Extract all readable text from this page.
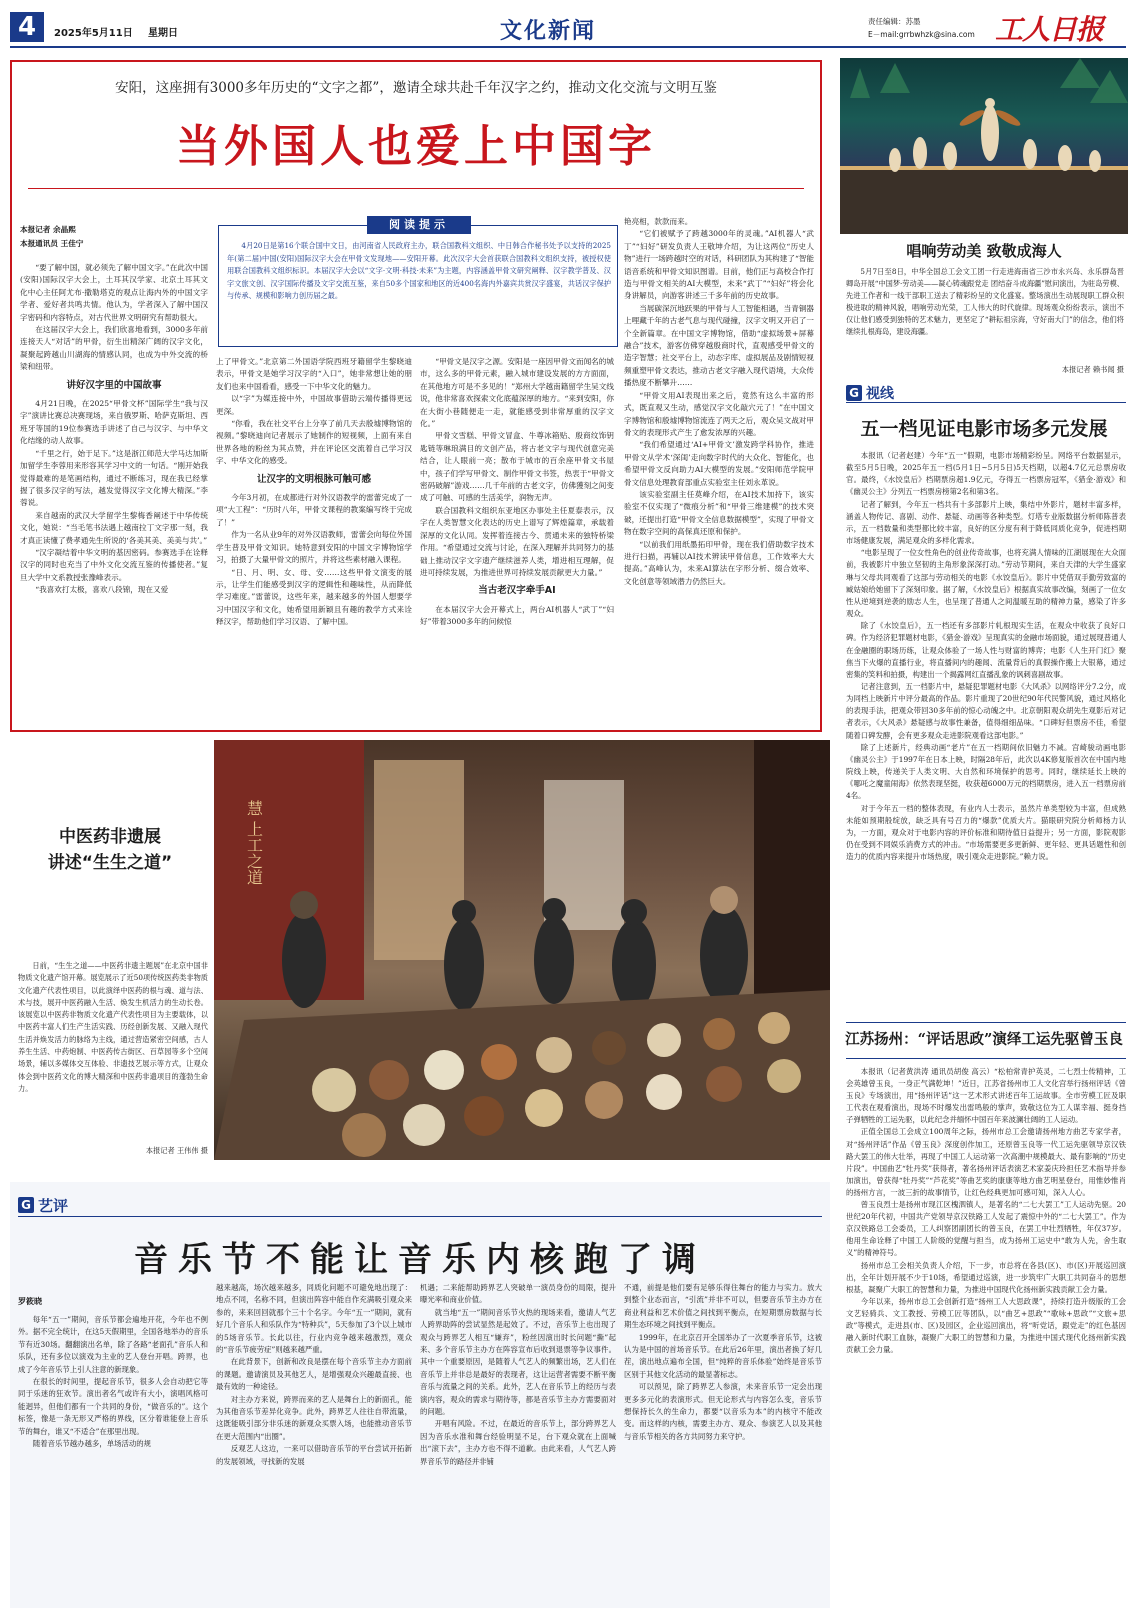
4	2025年5月11日 星期日	文化新闻	责任编辑：苏墨
E－mail:grrbwhzk@sina.com 工人日报
安阳，这座拥有3000多年历史的“文字之都”，邀请全球共赴千年汉字之约，推动文化交流与文明互鉴
当外国人也爱上中国字
本报记者 余晶熙
本报通讯员 王佳宁
阅读提示
4月20日是第16个联合国中文日，由河南省人民政府主办，联合国教科文组织、中日韩合作秘书处予以支持的2025年(第二届)中国(安阳)国际汉字大会在甲骨文发现地——安阳开幕。此次汉字大会首获联合国教科文组织支持，被授权使用联合国教科文组织标识。本届汉字大会以“文字·文明·科技·未来”为主题，内容涵盖甲骨文研究阐释、汉字教学普及、汉字文旅文创、汉字国际传播及文字交流互鉴，来自50多个国家和地区的近400名海内外嘉宾共赏汉字盛宴，共话汉字保护与传承、规模和影响力创历届之最。

“要了解中国，就必须先了解中国文字。”在此次中国(安阳)国际汉字大会上，土耳其汉学家、北京土耳其文化中心主任阿尤布·撒勒塔克的观点让海内外的中国文字学者、爱好者共鸣共情。他认为，学者深入了解中国汉字密码和内容特点，对古代世界文明研究有帮助很大。

在这届汉字大会上，我们欣喜地看到，3000多年前连接天人“对话”的甲骨，衍生出精深广阔的汉字文化，凝聚起跨越山川湖海的情感认同，也成为中外交流的桥梁和纽带。

讲好汉字里的中国故事

4月21日晚，在2025“甲骨文杯”国际学生“我与汉字”演讲比赛总决赛现场，来自俄罗斯、哈萨克斯坦、西班牙等国的19位参赛选手讲述了自己与汉字、与中华文化结缘的动人故事。

“千里之行，始于足下。”这是浙江师范大学马达加斯加留学生李蓉用来形容其学习中文的一句话。“刚开始我觉得最难的是笔画结构，通过不断练习，现在我已经掌握了很多汉字的写法，越发觉得汉字文化博大精深。”李蓉说。

来自越南的武汉大学留学生黎梅香阐述于中华传统文化，她说：“当毛笔书法遇上越南拉丁文字那一刻，我才真正读懂了费孝通先生所说的‘各美其美、美美与共’。”

“汉字凝结着中华文明的基因密码。参赛选手在诠释汉字的同时也充当了中外文化交流互鉴的传播使者。”复旦大学中文系教授张豫峰表示。

“我喜欢打太极，喜欢八段锦，现在又爱

上了甲骨文。”北京第二外国语学院西班牙籍留学生黎晓迪表示，甲骨文是她学习汉字的“入口”，她非常想让她的朋友们也来中国看看，感受一下中华文化的魅力。

以“字”为媒连接中外，中国故事借助云端传播得更远更深。

“你看，我在社交平台上分享了前几天去殷墟博物馆的视频。”黎晓迪向记者展示了她制作的短视频，上面有来自世界各地的粉丝为其点赞，并在评论区交流着自己学习汉字、中华文化的感受。

让汉字的文明根脉可触可感

今年3月初，在成都进行对外汉语教学的雷蕾完成了一项“大工程”：“历时八年，甲骨文课程的教案编写终于完成了！”

作为一名从业9年的对外汉语教师，雷蕾会向每位外国学生普及甲骨文知识。她特意到安阳的中国文字博物馆学习，拍摄了大量甲骨文的照片，并将这些素材融入课程。

“日、月、明、女、母、安……这些甲骨文演变的展示，让学生们能感受到汉字的逻辑性和趣味性，从而降低学习难度。”雷蕾说，这些年来，越来越多的外国人想要学习中国汉字和文化，她希望用新颖且有趣的教学方式来诠释汉字，帮助他们学习汉语、了解中国。

“甲骨文是汉字之源。安阳是一座因甲骨文而闻名的城市，这么多的甲骨元素，融入城市建设发展的方方面面，在其他地方可是不多见的！”郑州大学越南籍留学生吴文线说，他非常喜欢探索文化底蕴深厚的地方。“来到安阳，你在大街小巷随便走一走，就能感受到非常厚重的汉字文化。”

甲骨文雪糕、甲骨文冒盒、牛尊冰箱贴、殷商纹饰钥匙链等琳琅满目的文创产品，将古老文字与现代创意完美结合，让人眼前一亮；散布于城市的百余座甲骨文书屋中，孩子们学写甲骨文、制作甲骨文书签，热衷于“甲骨文密码破解”游戏……几千年前的古老文字，仿佛獲刻之间变成了可触、可感的生活美学，润物无声。

联合国教科文组织东亚地区办事处主任夏泰表示，汉字在人类智慧文化表达的历史上谱写了辉煌篇章，承载着深厚的文化认同。发挥着连接古今、贯通未来的独特桥梁作用。“希望通过交流与讨论，在深入理解并共同努力的基础上推动汉字文字遗产继续滋养人类，增进相互理解，促进可持续发展，为推进世界可持续发展贡献更大力量。”

当古老汉字牵手AI

在本届汉字大会开幕式上，两台AI机器人“武丁”“妇好”带着3000多年的问候惊

艳亮相，款款而来。

“它们被赋予了跨越3000年的灵魂。”AI机器人“武丁”“妇好”研发负责人王敬坤介绍，为让这两位“历史人物”进行一场跨越时空的对话，科研团队为其构建了“智能语音系统和甲骨文知识图谱。目前，他们正与高校合作打造与甲骨文相关的AI大模型，未来“武丁”“妇好”将会化身讲解员，向游客讲述三千多年前的历史故事。

当展碳深沉地跃果的甲骨与人工智能相遇，当青铜器上哩藏千年的古老气息与现代碰撞，汉字文明又开启了一个全新篇章。在中国文字博物馆，借助“虚拟场景+屏幕融合”技术，游客仿佛穿越殷商时代，直观感受甲骨文的造字智慧；社交平台上，动态字库、虚拟展品及剧情短视频重塑甲骨文表达，推动古老文字融入现代语境，大众传播热度不断攀升……

“甲骨文用AI表现出来之后，竟然有这么丰富的形式，既直观又生动，感觉汉字文化敲穴元了！”在中国文字博物馆和殷墟博物馆流连了两天之后，观众吴文战对甲骨文的表现形式产生了愈发浓厚的兴趣。

“我们希望通过‘AI+甲骨文’激发跨学科协作，推进甲骨文从学术‘深闺’走向数字时代的大众化、智能化，也希望甲骨文反向助力AI大模型的发展。”安阳师范学院甲骨文信息处理教育部重点实验室主任刘永革说。

该实验室副主任莫峰介绍，在AI技术加持下，该实验室不仅实现了“微痕分析”和“甲骨三维建模”的技术突破，还提出打造“甲骨文全信息数据模型”，实现了甲骨文物在数字空间的高保真还原和保护。

“以前我们用纸墨拓印甲骨，现在我们借助数字技术进行扫描，再辅以AI技术辨读甲骨信息，工作效率大大提高。”高峰认为，未来AI算法在字形分析、缀合效率、文化创意等领域潜力仍然巨大。

唱响劳动美 致敬成海人
5月7日至8日，中华全国总工会文工团一行走进海南省三沙市永兴岛、永乐群岛晋卿岛开展“中国梦·劳动美——凝心铸魂跟党走 团结奋斗成海疆”慰问演出，为驻岛劳模、先进工作者和一线干部职工送去了精彩纷呈的文化盛宴。整场演出生动展现职工群众积极进取的精神风貌，唱响劳动光荣，工人伟大的时代旋律。现场观众纷纷表示，演出不仅让他们感受到独特的艺术魅力，更坚定了“耕耘祖宗海，守好南大门”的信念，他们将继续扎根海岛，建设海疆。
本报记者 赖书闻 摄
G 视线
五一档见证电影市场多元发展

本报讯（记者赵建）今年“五一”假期，电影市场精彩纷呈。网络平台数据显示，截至5月5日晚，2025年五一档(5月1日~5月5日)5天档期，以超4.7亿元总票房收官。最终，《水饺皇后》档期票房超1.9亿元，夺得五一档票房冠军，《猎金·游戏》和《幽灵公主》分列五一档票房榜第2名和第3名。

记者了解到，今年五一档共有十多部影片上映，集结中外影片，题材丰富多样，涵盖人物传记、喜剧、动作、悬疑、动画等各种类型。灯塔专业版数据分析师陈普表示，五一档数量和类型都比较丰富，良好的区分度有利于降低同质化竞争，促进档期市场健康发展，满足观众的多样化需求。

“电影呈现了一位女性角色的创业传奇故事，也将充满人情味的江湖展现在大众面前，我被影片中独立坚韧的主角形象深深打动。”劳动节期间，来自天津的大学生盛家琳与父母共同观看了这部与劳动相关的电影《水饺皇后》。影片中凭借双手勤劳致富的臧姑娘给她留下了深刻印象。据了解，《水饺皇后》根据真实故事改编，刻画了一位女性从逆境到逆袭的励志人生，也呈现了普通人之间温暖互助的精神力量，感染了许多观众。

除了《水饺皇后》，五一档还有多部影片轧根现实生活，在观众中收获了良好口碑。作为经济犯罪题材电影，《猎金·游戏》呈现真实的金融市场面貌，通过展现普通人在金融圈的职场历练，让观众体验了一场人性与财富的博弈；电影《人生开门红》聚焦当下火爆的直播行业，将直播间内的趣闻、流量背后的真假操作搬上大银幕，通过密集的笑料和拍摄，构建出一个揭露网红直播乱象的讽刺喜剧故事。

记者注意到，五一档影片中，悬疑犯罪题材电影《大风杀》以网络评分7.2分，成为同档上映新片中评分最高的作品。影片重现了20世纪90年代民警风貌，通过风格化的表现手法，把观众带回30多年前的惊心动魄之中。北京朝阳观众胡先生观影后对记者表示，《大风杀》悬疑感与故事性兼备，值得细细品味。“口碑好但票房不佳，希望随着口碑发酵，会有更多观众走进影院观看这部电影。”

除了上述新片，经典动画“老片”在五一档期间依旧魅力不减。宫崎骏动画电影《幽灵公主》于1997年在日本上映，时隔28年后，此次以4K修复版首次在中国内地院线上映，传递关于人类文明、大自然和环境保护的思考。同时，继续延长上映的《哪吒之魔童闹海》依然表现坚挺，收获超6000万元的档期票房，进入五一档票房前4名。

对于今年五一档的整体表现，有业内人士表示，虽然片单类型较为丰富，但成熟未能如预期般绽放，缺乏具有号召力的“爆款”优质大片。猫眼研究院分析师杨力认为，一方面，观众对于电影内容的评价标准和期待值日益提升；另一方面，影院观影仍在受到不同娱乐消费方式的冲击。“市场需要更多更新鲜、更年轻、更具话题性和创造力的优质内容来提升市场热度，吸引观众走进影院。”赖力说。

江苏扬州：“评话思政”演绎工运先驱曾玉良

本报讯（记者黄洪涛 通讯员胡俊 高云）“松柏常青护英灵，二七烈士传精神，工会英雄曾玉良，一身正气满乾坤！”近日，江苏省扬州市工人文化宫举行扬州评话《曾玉良》专场演出，用“扬州评话”这一艺术形式讲述百年工运故事。全市劳模工匠及职工代表在观看演出，现场不时爆发出雷鸣般的掌声，致敬这位为工人谋幸福、挺身挡子弹牺牲的工运先驱，以此纪念并缅怀中国百年来波澜壮阔的工人运动。

正值全国总工会成立100周年之际，扬州市总工会邀请扬州地方曲艺专家学者，对“扬州评话”作品《曾玉良》深度创作加工，还原曾玉良等一代工运先驱领导京汉铁路大罢工的伟大壮举，再现了中国工人运动第一次高潮中规模最大、最有影响的“历史片段”。中国曲艺“牡丹奖”获得者，著名扬州评话表演艺术家姜庆玲担任艺术指导并参加演出，曾获得“牡丹奖”“芦花奖”等曲艺奖的康康等地方曲艺明星登台，用惟妙惟肖的扬州方言，一波三折的故事情节，让红色经典更加可感可知，深入人心。

曾玉良烈士是扬州市现江区槐泗镇人，是著名的“二七大罢工”工人运动先驱。20世纪20年代初，中国共产党领导京汉铁路工人发起了震惊中外的“二七大罢工”。作为京汉铁路总工会委员，工人纠察团副团长的曾玉良，在罢工中壮烈牺牲，年仅37岁。他用生命诠释了中国工人阶级的觉醒与担当，成为扬州工运史中“敢为人先，舍生取义”的精神符号。

扬州市总工会相关负责人介绍，下一步，市总将在各县(区)、市(区)开展巡回演出，全年计划开展不少于10场，希望通过巡演，进一步筑牢广大职工共同奋斗的思想根基，凝聚广大职工的智慧和力量，为推进中国现代化扬州新实践贡献工会力量。

今年以来，扬州市总工会创新打造“扬州工人大思政课”，持续打造升级版的工会文艺轻骑兵、文工教授、劳模工匠等团队，以“曲艺+思政”“歌咏+思政”“文旅+思政”等模式，走进县(市、区)及园区，企业巡回演出，将“听党话，跟党走”的红色基因融入新时代职工血脉，凝聚广大职工的智慧和力量，为推进中国式现代化扬州新实践贡献工会力量。

中医药非遗展
讲述“生生之道”	慧 上工之道
日前，“生生之道——中医药非遗主题展”在北京中国非物质文化遗产馆开幕。展览展示了近50项传统医药类非物质文化遗产代表性项目，以此演绎中医药的根与魂、道与法、术与技，展开中医药融入生活、焕发生机活力的生动长卷。该展览以中医药非物质文化遗产代表性项目为主要载体，以中医药丰富人们生产生活实践、历经创新发展、又融入现代生活并焕发活力的脉络为主线，通过营造紧密空间感，古人养生生活、中药炮制、中医药传古街区、百草园等多个空间场景，辅以多媒体交互体验、非遗技艺展示等方式，让观众体会到中医药文化的博大精深和中医药非遗项目的蓬勃生命力。
本报记者 王伟伟 摄
G 艺评
音乐节不能让音乐内核跑了调
罗筱晓

每年“五一”期间，音乐节都会遍地开花，今年也不例外。据不完全统计，在这5天假期里，全国各地举办的音乐节有近30场。翻翻演出名单，除了各路“老面孔”音乐人和乐队，还有多位以演戏为主业的艺人登台开唱。跨界，也成了今年音乐节上引人注意的新现象。

在很长的时间里，提起音乐节，很多人会自动把它等同于乐迷的狂欢节。演出者名气或许有大小，演唱风格可能迥异，但他们都有一个共同的身份，“做音乐的”。这个标签，像是一条无形又严格的界线，区分着谁能登上音乐节的舞台，谁又“不适合”在那里出现。

随着音乐节越办越多，单场活动的规

越来越高，场次越来越多，同质化问题不可避免地出现了：地点不同，名称不同，但演出阵容中能自作充满吸引观众来参的，来来回回就那个三十个名字。今年“五一”期间，就有好几个音乐人和乐队作为“特种兵”，5天参加了3个以上城市的5场音乐节。长此以往，行业内竞争越来越激烈，观众的“音乐节疲劳症”则越来越严重。

在此背景下，创新和改良是摆在每个音乐节主办方面前的课题。邀请演员及其他艺人，是增强观众兴趣最直接、也最有效的一种途径。

对主办方来说，跨界而来的艺人是舞台上的新面孔，能为其他音乐节差异化竞争。此外，跨界艺人往往自带流量，这既能吸引部分非乐迷的新观众买票入场，也能推动音乐节在更大范围内“出圈”。

反观艺人这边，一来可以借助音乐节的平台尝试开拓新的发展领域，寻找新的发展

机遇；二来能帮助跨界艺人突破单一演员身份的局限，提升曝光率和商业价值。

就当地“五一”期间音乐节火热的现场来看，邀请人气艺人跨界助阵的尝试显然是起效了。不过，音乐节上也出现了观众与跨界艺人相互“嫌弃”，粉丝因演出时长问题“撕”起来、多个音乐节主办方在阵容宣布后收到退票等争议事件。其中一个重要原因，是随着人气艺人的频繁出场，艺人们在音乐节上并非总是最好的表现者，这让运营者需要不断平衡音乐与流量之间的关系。此外，艺人在音乐节上的经历与表演内容，观众的需求与期待等，都是音乐节主办方需要面对的问题。

开唱有风险。不过，在最近的音乐节上，部分跨界艺人因为音乐水准和舞台经验明显不足，台下观众就在上面喊出“滚下去”，主办方也不得不道歉。由此来看，人气艺人跨界音乐节的路径并非铺

不通，前提是他们要有足够乐得住舞台的能力与实力。放大到整个业态而言，“引流”并非不可以，但要音乐节主办方在商业利益和艺术价值之间找到平衡点，在短期票房数据与长期生态环境之间找到平衡点。

1999年，在北京召开全国举办了一次夏季音乐节，这被认为是中国的首场音乐节。在此后26年里，演出者换了好几茬，演出地点遍布全国，但“纯粹的音乐体验”始终是音乐节区别于其他文化活动的最显著标志。

可以预见，除了跨界艺人参演，未来音乐节一定会出现更多多元化的表演形式。但无论形式与内容怎么变，音乐节想保持长久的生命力，都要“以音乐为本”的内核守不能改变。而这样的内核，需要主办方、观众、参演艺人以及其他与音乐节相关的各方共同努力来守护。
